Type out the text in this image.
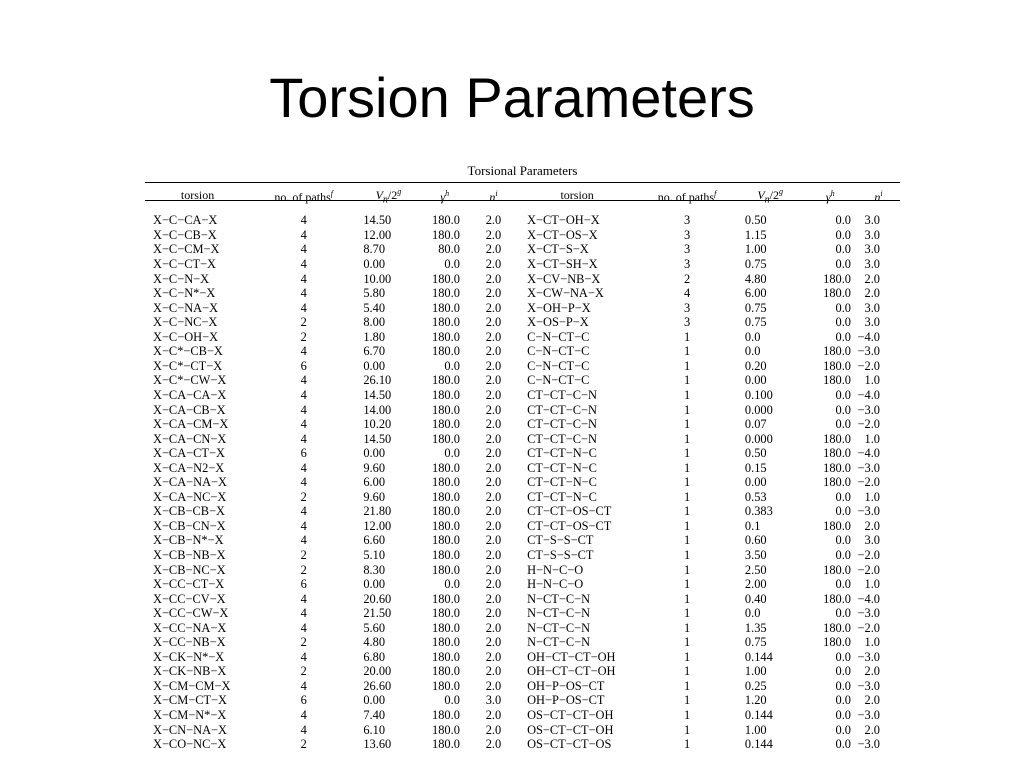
Torsion Parameters
Torsional Parameters
torsion	no. of paths$^f$	$V_n/2^g$	$\gamma^h$	$n^i$	torsion	no. of paths$^f$	$V_n/2^g$	$\gamma^h$	$n^i$
X−C−CA−X	4	14.50	180.0	2.0	X−CT−OH−X	3	0.50	0.0	3.0
X−C−CB−X	4	12.00	180.0	2.0	X−CT−OS−X	3	1.15	0.0	3.0
X−C−CM−X	4	8.70	80.0	2.0	X−CT−S−X	3	1.00	0.0	3.0
X−C−CT−X	4	0.00	0.0	2.0	X−CT−SH−X	3	0.75	0.0	3.0
X−C−N−X	4	10.00	180.0	2.0	X−CV−NB−X	2	4.80	180.0	2.0
X−C−N*−X	4	5.80	180.0	2.0	X−CW−NA−X	4	6.00	180.0	2.0
X−C−NA−X	4	5.40	180.0	2.0	X−OH−P−X	3	0.75	0.0	3.0
X−C−NC−X	2	8.00	180.0	2.0	X−OS−P−X	3	0.75	0.0	3.0
X−C−OH−X	2	1.80	180.0	2.0	C−N−CT−C	1	0.0	0.0	−4.0
X−C*−CB−X	4	6.70	180.0	2.0	C−N−CT−C	1	0.0	180.0	−3.0
X−C*−CT−X	6	0.00	0.0	2.0	C−N−CT−C	1	0.20	180.0	−2.0
X−C*−CW−X	4	26.10	180.0	2.0	C−N−CT−C	1	0.00	180.0	1.0
X−CA−CA−X	4	14.50	180.0	2.0	CT−CT−C−N	1	0.100	0.0	−4.0
X−CA−CB−X	4	14.00	180.0	2.0	CT−CT−C−N	1	0.000	0.0	−3.0
X−CA−CM−X	4	10.20	180.0	2.0	CT−CT−C−N	1	0.07	0.0	−2.0
X−CA−CN−X	4	14.50	180.0	2.0	CT−CT−C−N	1	0.000	180.0	1.0
X−CA−CT−X	6	0.00	0.0	2.0	CT−CT−N−C	1	0.50	180.0	−4.0
X−CA−N2−X	4	9.60	180.0	2.0	CT−CT−N−C	1	0.15	180.0	−3.0
X−CA−NA−X	4	6.00	180.0	2.0	CT−CT−N−C	1	0.00	180.0	−2.0
X−CA−NC−X	2	9.60	180.0	2.0	CT−CT−N−C	1	0.53	0.0	1.0
X−CB−CB−X	4	21.80	180.0	2.0	CT−CT−OS−CT	1	0.383	0.0	−3.0
X−CB−CN−X	4	12.00	180.0	2.0	CT−CT−OS−CT	1	0.1	180.0	2.0
X−CB−N*−X	4	6.60	180.0	2.0	CT−S−S−CT	1	0.60	0.0	3.0
X−CB−NB−X	2	5.10	180.0	2.0	CT−S−S−CT	1	3.50	0.0	−2.0
X−CB−NC−X	2	8.30	180.0	2.0	H−N−C−O	1	2.50	180.0	−2.0
X−CC−CT−X	6	0.00	0.0	2.0	H−N−C−O	1	2.00	0.0	1.0
X−CC−CV−X	4	20.60	180.0	2.0	N−CT−C−N	1	0.40	180.0	−4.0
X−CC−CW−X	4	21.50	180.0	2.0	N−CT−C−N	1	0.0	0.0	−3.0
X−CC−NA−X	4	5.60	180.0	2.0	N−CT−C−N	1	1.35	180.0	−2.0
X−CC−NB−X	2	4.80	180.0	2.0	N−CT−C−N	1	0.75	180.0	1.0
X−CK−N*−X	4	6.80	180.0	2.0	OH−CT−CT−OH	1	0.144	0.0	−3.0
X−CK−NB−X	2	20.00	180.0	2.0	OH−CT−CT−OH	1	1.00	0.0	2.0
X−CM−CM−X	4	26.60	180.0	2.0	OH−P−OS−CT	1	0.25	0.0	−3.0
X−CM−CT−X	6	0.00	0.0	3.0	OH−P−OS−CT	1	1.20	0.0	2.0
X−CM−N*−X	4	7.40	180.0	2.0	OS−CT−CT−OH	1	0.144	0.0	−3.0
X−CN−NA−X	4	6.10	180.0	2.0	OS−CT−CT−OH	1	1.00	0.0	2.0
X−CO−NC−X	2	13.60	180.0	2.0	OS−CT−CT−OS	1	0.144	0.0	−3.0
